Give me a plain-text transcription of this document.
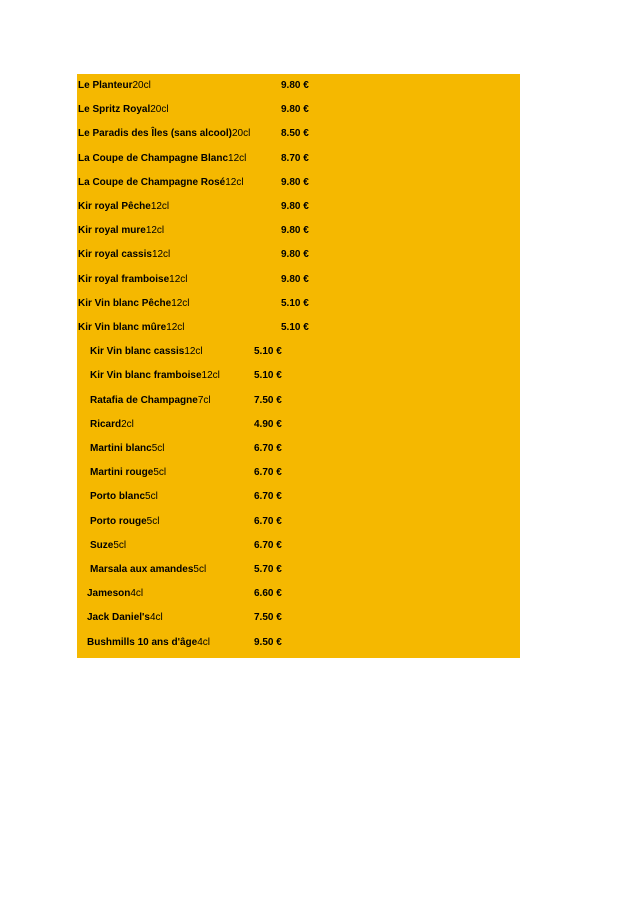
Le Planteur20cl	9.80 €
Le Spritz Royal20cl	9.80 €
Le Paradis des Îles (sans alcool)20cl	8.50 €
La Coupe de Champagne Blanc12cl	8.70 €
La Coupe de Champagne Rosé12cl	9.80 €
Kir royal Pêche12cl	9.80 €
Kir royal mure12cl	9.80 €
Kir royal cassis12cl	9.80 €
Kir royal framboise12cl	9.80 €
Kir Vin blanc Pêche12cl	5.10 €
Kir Vin blanc mûre12cl	5.10 €
Kir Vin blanc cassis12cl	5.10 €
Kir Vin blanc framboise12cl	5.10 €
Ratafia de Champagne7cl	7.50 €
Ricard2cl	4.90 €
Martini blanc5cl	6.70 €
Martini rouge5cl	6.70 €
Porto blanc5cl	6.70 €
Porto rouge5cl	6.70 €
Suze5cl	6.70 €
Marsala aux amandes5cl	5.70 €
Jameson4cl	6.60 €
Jack Daniel's4cl	7.50 €
Bushmills 10 ans d'âge4cl	9.50 €
